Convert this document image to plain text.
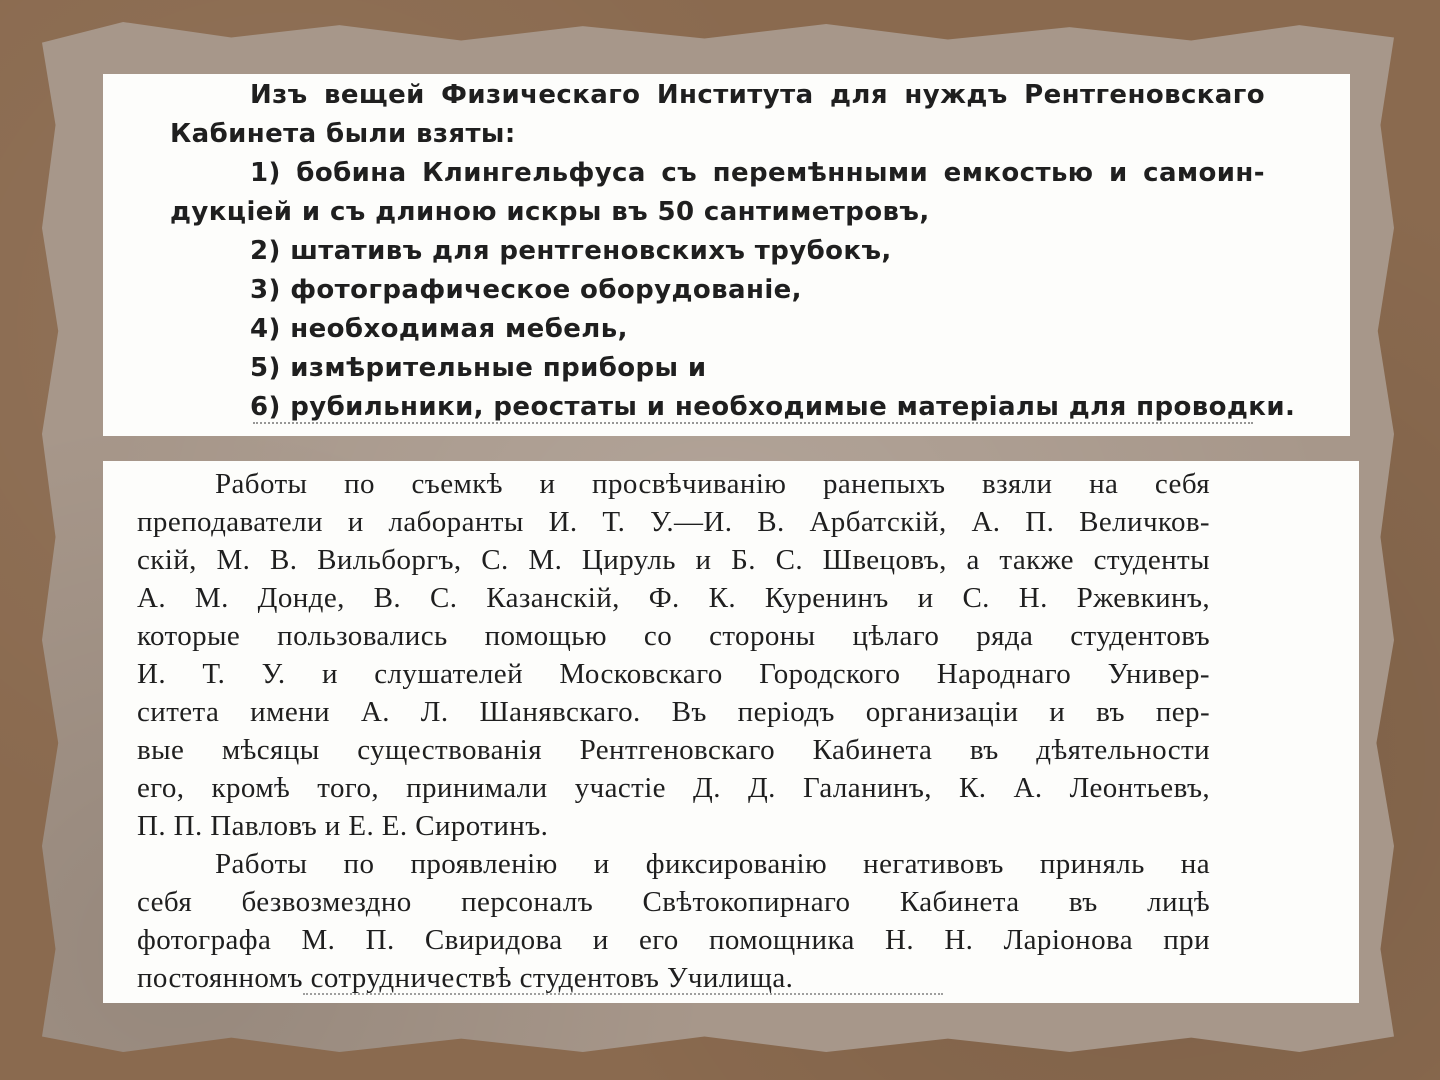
Изъ вещей Физическаго Института для нуждъ Рентгеновскаго
Кабинета были взяты:
1) бобина Клингельфуса съ перемѣнными емкостью и самоин-
дукціей и съ длиною искры въ 50 сантиметровъ,
2) штативъ для рентгеновскихъ трубокъ,
3) фотографическое оборудованіе,
4) необходимая мебель,
5) измѣрительные приборы и
6) рубильники, реостаты и необходимые матеріалы для проводки.
Работы по съемкѣ и просвѣчиванію ранепыхъ взяли на себя
преподаватели и лаборанты И. Т. У.—И. В. Арбатскій, А. П. Величков-
скій, М. В. Вильборгъ, С. М. Цируль и Б. С. Швецовъ, а также студенты
А. М. Донде, В. С. Казанскій, Ф. К. Куренинъ и С. Н. Ржевкинъ,
которые пользовались помощью со стороны цѣлаго ряда студентовъ
И. Т. У. и слушателей Московскаго Городского Народнаго Универ-
ситета имени А. Л. Шанявскаго. Въ періодъ организаціи и въ пер-
вые мѣсяцы существованія Рентгеновскаго Кабинета въ дѣятельности
его, кромѣ того, принимали участіе Д. Д. Галанинъ, К. А. Леонтьевъ,
П. П. Павловъ и Е. Е. Сиротинъ.
Работы по проявленію и фиксированію негативовъ приняль на
себя безвозмездно персоналъ Свѣтокопирнаго Кабинета въ лицѣ
фотографа М. П. Свиридова и его помощника Н. Н. Ларіонова при
постоянномъ сотрудничествѣ студентовъ Училища.
